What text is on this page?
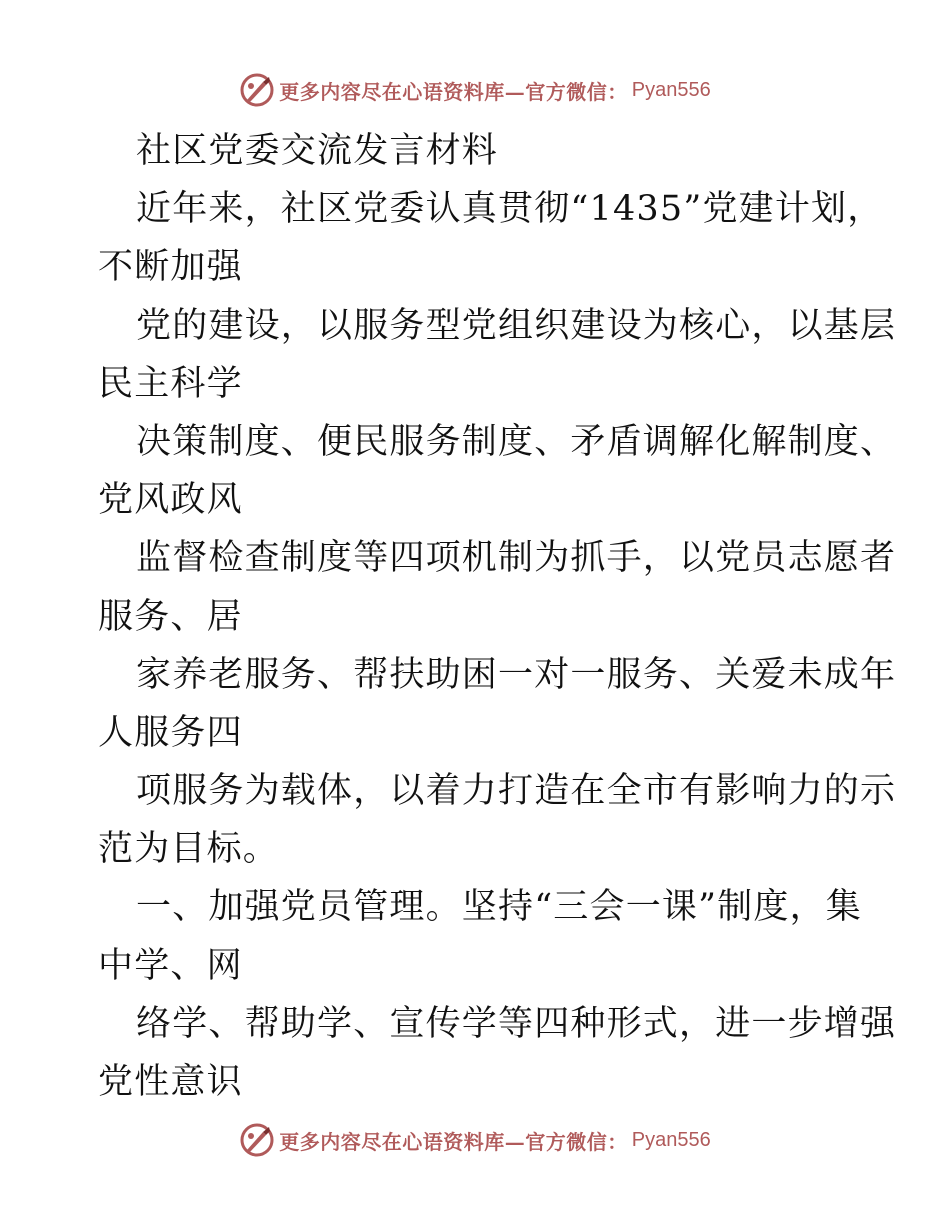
更多内容尽在心语资料库—官方微信： Pyan556
社区党委交流发言材料
近年来，社区党委认真贯彻“1435”党建计划，
不断加强
党的建设，以服务型党组织建设为核心，以基层
民主科学
决策制度、便民服务制度、矛盾调解化解制度、
党风政风
监督检查制度等四项机制为抓手，以党员志愿者
服务、居
家养老服务、帮扶助困一对一服务、关爱未成年
人服务四
项服务为载体，以着力打造在全市有影响力的示
范为目标。
一、加强党员管理。坚持“三会一课”制度，集
中学、网
络学、帮助学、宣传学等四种形式，进一步增强
党性意识
更多内容尽在心语资料库—官方微信： Pyan556
